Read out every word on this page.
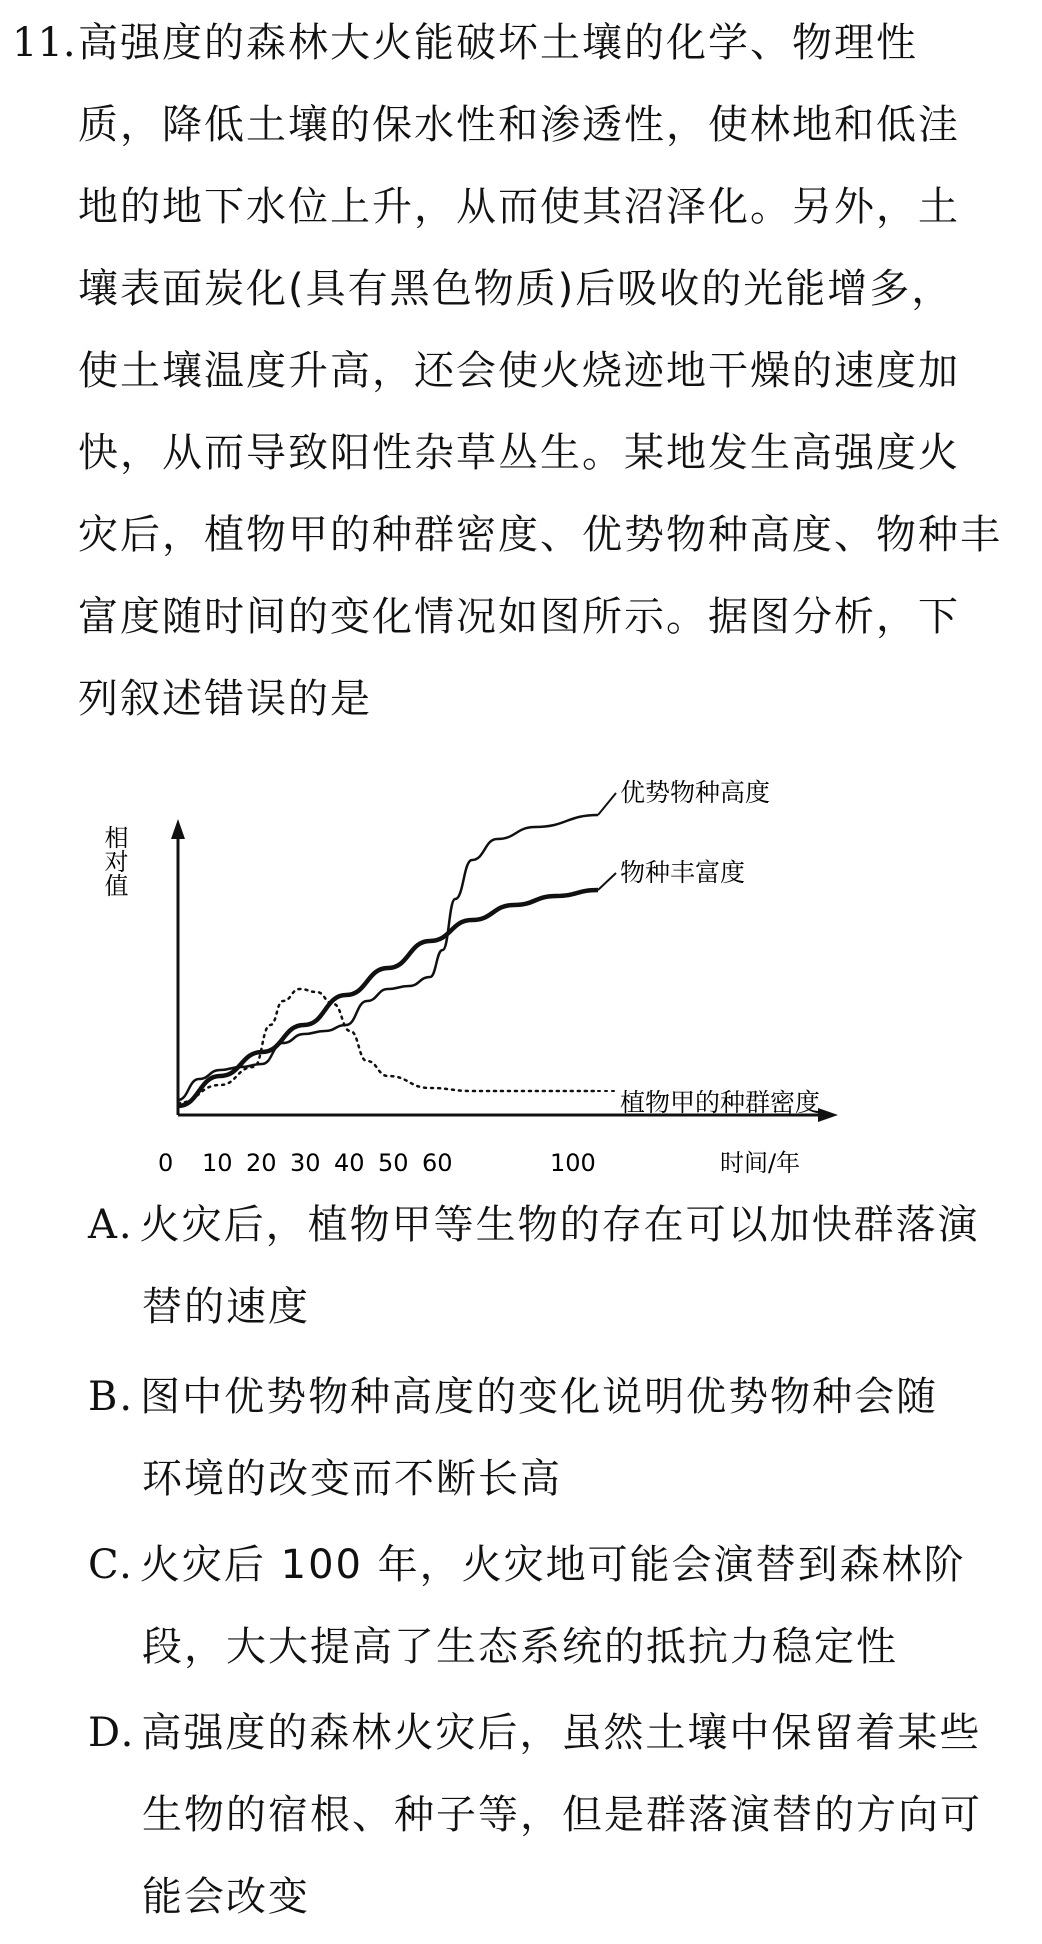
11. 高强度的森林大火能破坏土壤的化学、物理性
质，降低土壤的保水性和渗透性，使林地和低洼
地的地下水位上升，从而使其沼泽化。另外，土
壤表面炭化(具有黑色物质)后吸收的光能增多，
使土壤温度升高，还会使火烧迹地干燥的速度加
快，从而导致阳性杂草丛生。某地发生高强度火
灾后，植物甲的种群密度、优势物种高度、物种丰
富度随时间的变化情况如图所示。据图分析，下
列叙述错误的是
相对值
时间/年
0 10 20 30 40 50 60	100
优势物种高度
物种丰富度
植物甲的种群密度
A. 火灾后，植物甲等生物的存在可以加快群落演
替的速度
B. 图中优势物种高度的变化说明优势物种会随
环境的改变而不断长高
C. 火灾后 100 年，火灾地可能会演替到森林阶
段，大大提高了生态系统的抵抗力稳定性
D. 高强度的森林火灾后，虽然土壤中保留着某些
生物的宿根、种子等，但是群落演替的方向可
能会改变
